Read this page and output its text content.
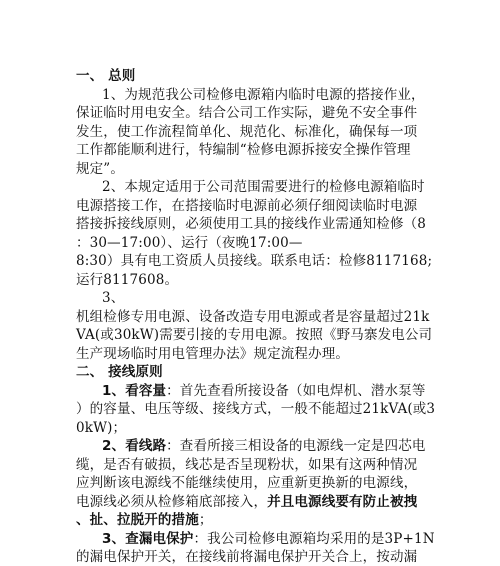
一、 总则
1、为规范我公司检修电源箱内临时电源的搭接作业，
保证临时用电安全。结合公司工作实际，避免不安全事件
发生，使工作流程简单化、规范化、标准化，确保每一项
工作都能顺利进行，特编制“检修电源拆接安全操作管理
规定”。
2、本规定适用于公司范围需要进行的检修电源箱临时
电源搭接工作，在搭接临时电源前必须仔细阅读临时电源
搭接拆接线原则，必须使用工具的接线作业需通知检修（8
：30—17:00）、运行（夜晚17:00—
8:30）具有电工资质人员接线。联系电话：检修8117168;
运行8117608。
3、
机组检修专用电源、设备改造专用电源或者是容量超过21k
VA(或30kW)需要引接的专用电源。按照《野马寨发电公司
生产现场临时用电管理办法》规定流程办理。
二、 接线原则
1、看容量：首先查看所接设备（如电焊机、潜水泵等
）的容量、电压等级、接线方式，一般不能超过21kVA(或3
0kW)；
2、看线路：查看所接三相设备的电源线一定是四芯电
缆，是否有破损，线芯是否呈现粉状，如果有这两种情况
应判断该电源线不能继续使用，应重新更换新的电源线，
电源线必须从检修箱底部接入，并且电源线要有防止被拽
、扯、拉脱开的措施；
3、查漏电保护：我公司检修电源箱均采用的是3P+1N
的漏电保护开关，在接线前将漏电保护开关合上，按动漏
